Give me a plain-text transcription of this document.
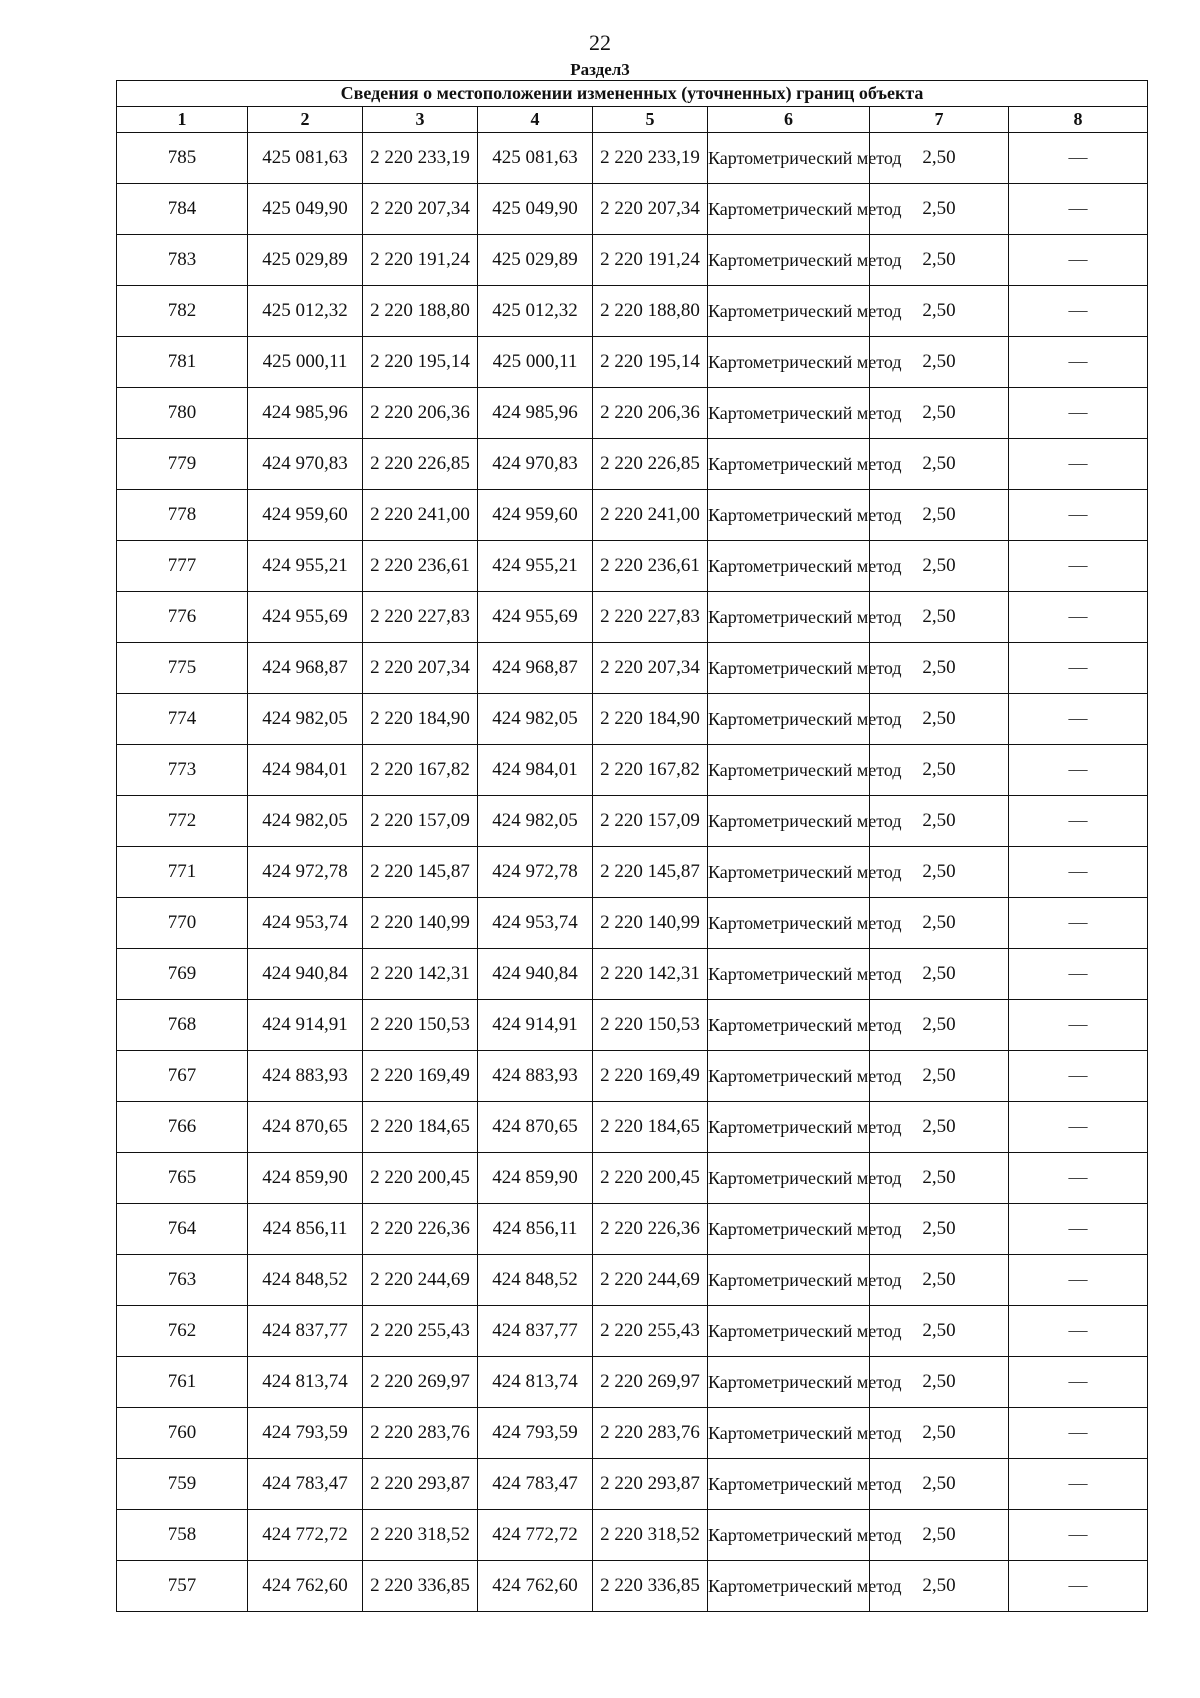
22
Раздел3
Сведения о местоположении измененных (уточненных) границ объекта							
1	2	3	4	5	6	7	8
785	425 081,63	2 220 233,19	425 081,63	2 220 233,19	Картометрический метод	2,50	—
784	425 049,90	2 220 207,34	425 049,90	2 220 207,34	Картометрический метод	2,50	—
783	425 029,89	2 220 191,24	425 029,89	2 220 191,24	Картометрический метод	2,50	—
782	425 012,32	2 220 188,80	425 012,32	2 220 188,80	Картометрический метод	2,50	—
781	425 000,11	2 220 195,14	425 000,11	2 220 195,14	Картометрический метод	2,50	—
780	424 985,96	2 220 206,36	424 985,96	2 220 206,36	Картометрический метод	2,50	—
779	424 970,83	2 220 226,85	424 970,83	2 220 226,85	Картометрический метод	2,50	—
778	424 959,60	2 220 241,00	424 959,60	2 220 241,00	Картометрический метод	2,50	—
777	424 955,21	2 220 236,61	424 955,21	2 220 236,61	Картометрический метод	2,50	—
776	424 955,69	2 220 227,83	424 955,69	2 220 227,83	Картометрический метод	2,50	—
775	424 968,87	2 220 207,34	424 968,87	2 220 207,34	Картометрический метод	2,50	—
774	424 982,05	2 220 184,90	424 982,05	2 220 184,90	Картометрический метод	2,50	—
773	424 984,01	2 220 167,82	424 984,01	2 220 167,82	Картометрический метод	2,50	—
772	424 982,05	2 220 157,09	424 982,05	2 220 157,09	Картометрический метод	2,50	—
771	424 972,78	2 220 145,87	424 972,78	2 220 145,87	Картометрический метод	2,50	—
770	424 953,74	2 220 140,99	424 953,74	2 220 140,99	Картометрический метод	2,50	—
769	424 940,84	2 220 142,31	424 940,84	2 220 142,31	Картометрический метод	2,50	—
768	424 914,91	2 220 150,53	424 914,91	2 220 150,53	Картометрический метод	2,50	—
767	424 883,93	2 220 169,49	424 883,93	2 220 169,49	Картометрический метод	2,50	—
766	424 870,65	2 220 184,65	424 870,65	2 220 184,65	Картометрический метод	2,50	—
765	424 859,90	2 220 200,45	424 859,90	2 220 200,45	Картометрический метод	2,50	—
764	424 856,11	2 220 226,36	424 856,11	2 220 226,36	Картометрический метод	2,50	—
763	424 848,52	2 220 244,69	424 848,52	2 220 244,69	Картометрический метод	2,50	—
762	424 837,77	2 220 255,43	424 837,77	2 220 255,43	Картометрический метод	2,50	—
761	424 813,74	2 220 269,97	424 813,74	2 220 269,97	Картометрический метод	2,50	—
760	424 793,59	2 220 283,76	424 793,59	2 220 283,76	Картометрический метод	2,50	—
759	424 783,47	2 220 293,87	424 783,47	2 220 293,87	Картометрический метод	2,50	—
758	424 772,72	2 220 318,52	424 772,72	2 220 318,52	Картометрический метод	2,50	—
757	424 762,60	2 220 336,85	424 762,60	2 220 336,85	Картометрический метод	2,50	—
